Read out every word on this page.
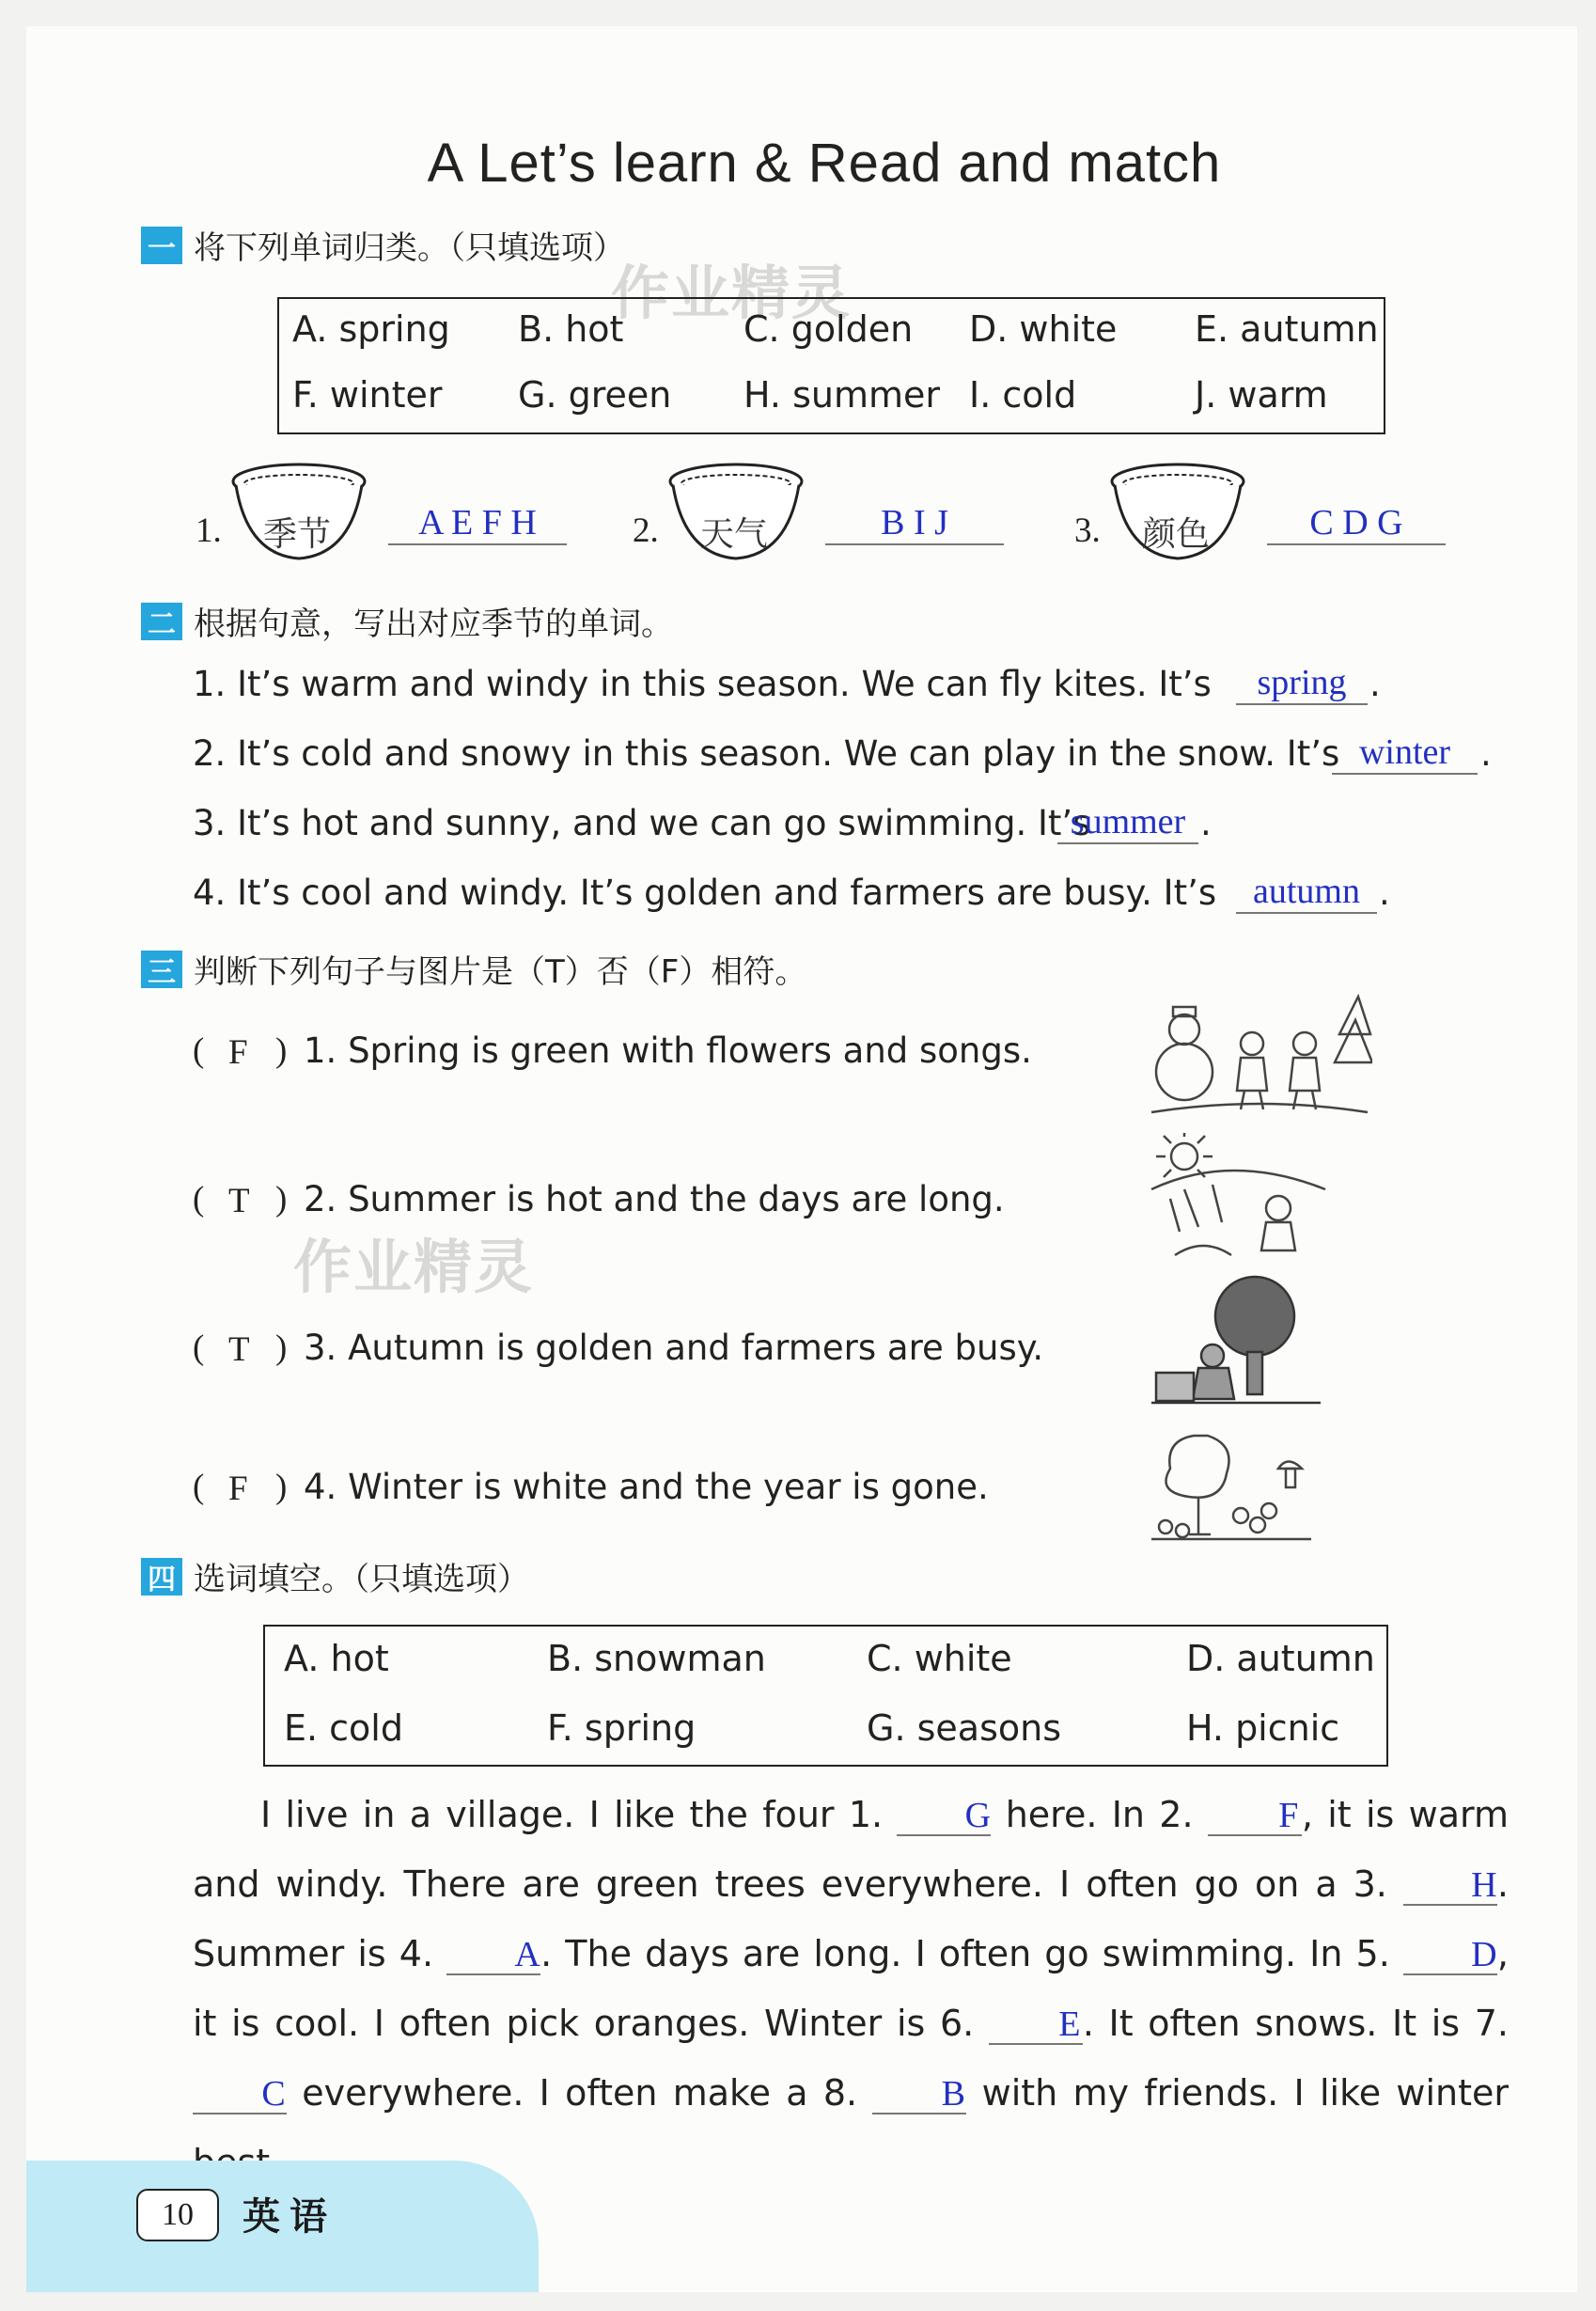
A Let’s learn & Read and match
作业精灵
作业精灵
一 将下列单词归类。（只填选项）
A. spring B. hot	C. golden D. white E. autumn
F. winter G. green H. summer I. cold	J. warm
1. 季节	A E F H	2. 天气	B I J	3. 颜色	C D G
二 根据句意，写出对应季节的单词。
1. It’s warm and windy in this season. We can fly kites. It’s	spring .
2. It’s cold and snowy in this season. We can play in the snow. It’s winter .
3. It’s hot and sunny, and we can go swimming. It’s
summer .
4. It’s cool and windy. It’s golden and farmers are busy. It’s	autumn .
三 判断下列句子与图片是（T）否（F）相符。
( F ) 1. Spring is green with flowers and songs.
( T ) 2. Summer is hot and the days are long.
( T ) 3. Autumn is golden and farmers are busy.
( F ) 4. Winter is white and the year is gone.
四 选词填空。（只填选项）
A. hot	B. snowman	C. white	D. autumn
E. cold	F. spring	G. seasons	H. picnic
I live in a village. I like the four 1. G here. In 2. F, it is warm and windy. There are green trees everywhere. I often go on a 3. H. Summer is 4. A. The days are long. I often go swimming. In 5. D, it is cool. I often pick oranges. Winter is 6. E. It often snows. It is 7. C everywhere. I often make a 8. B with my friends. I like winter
10	英语
